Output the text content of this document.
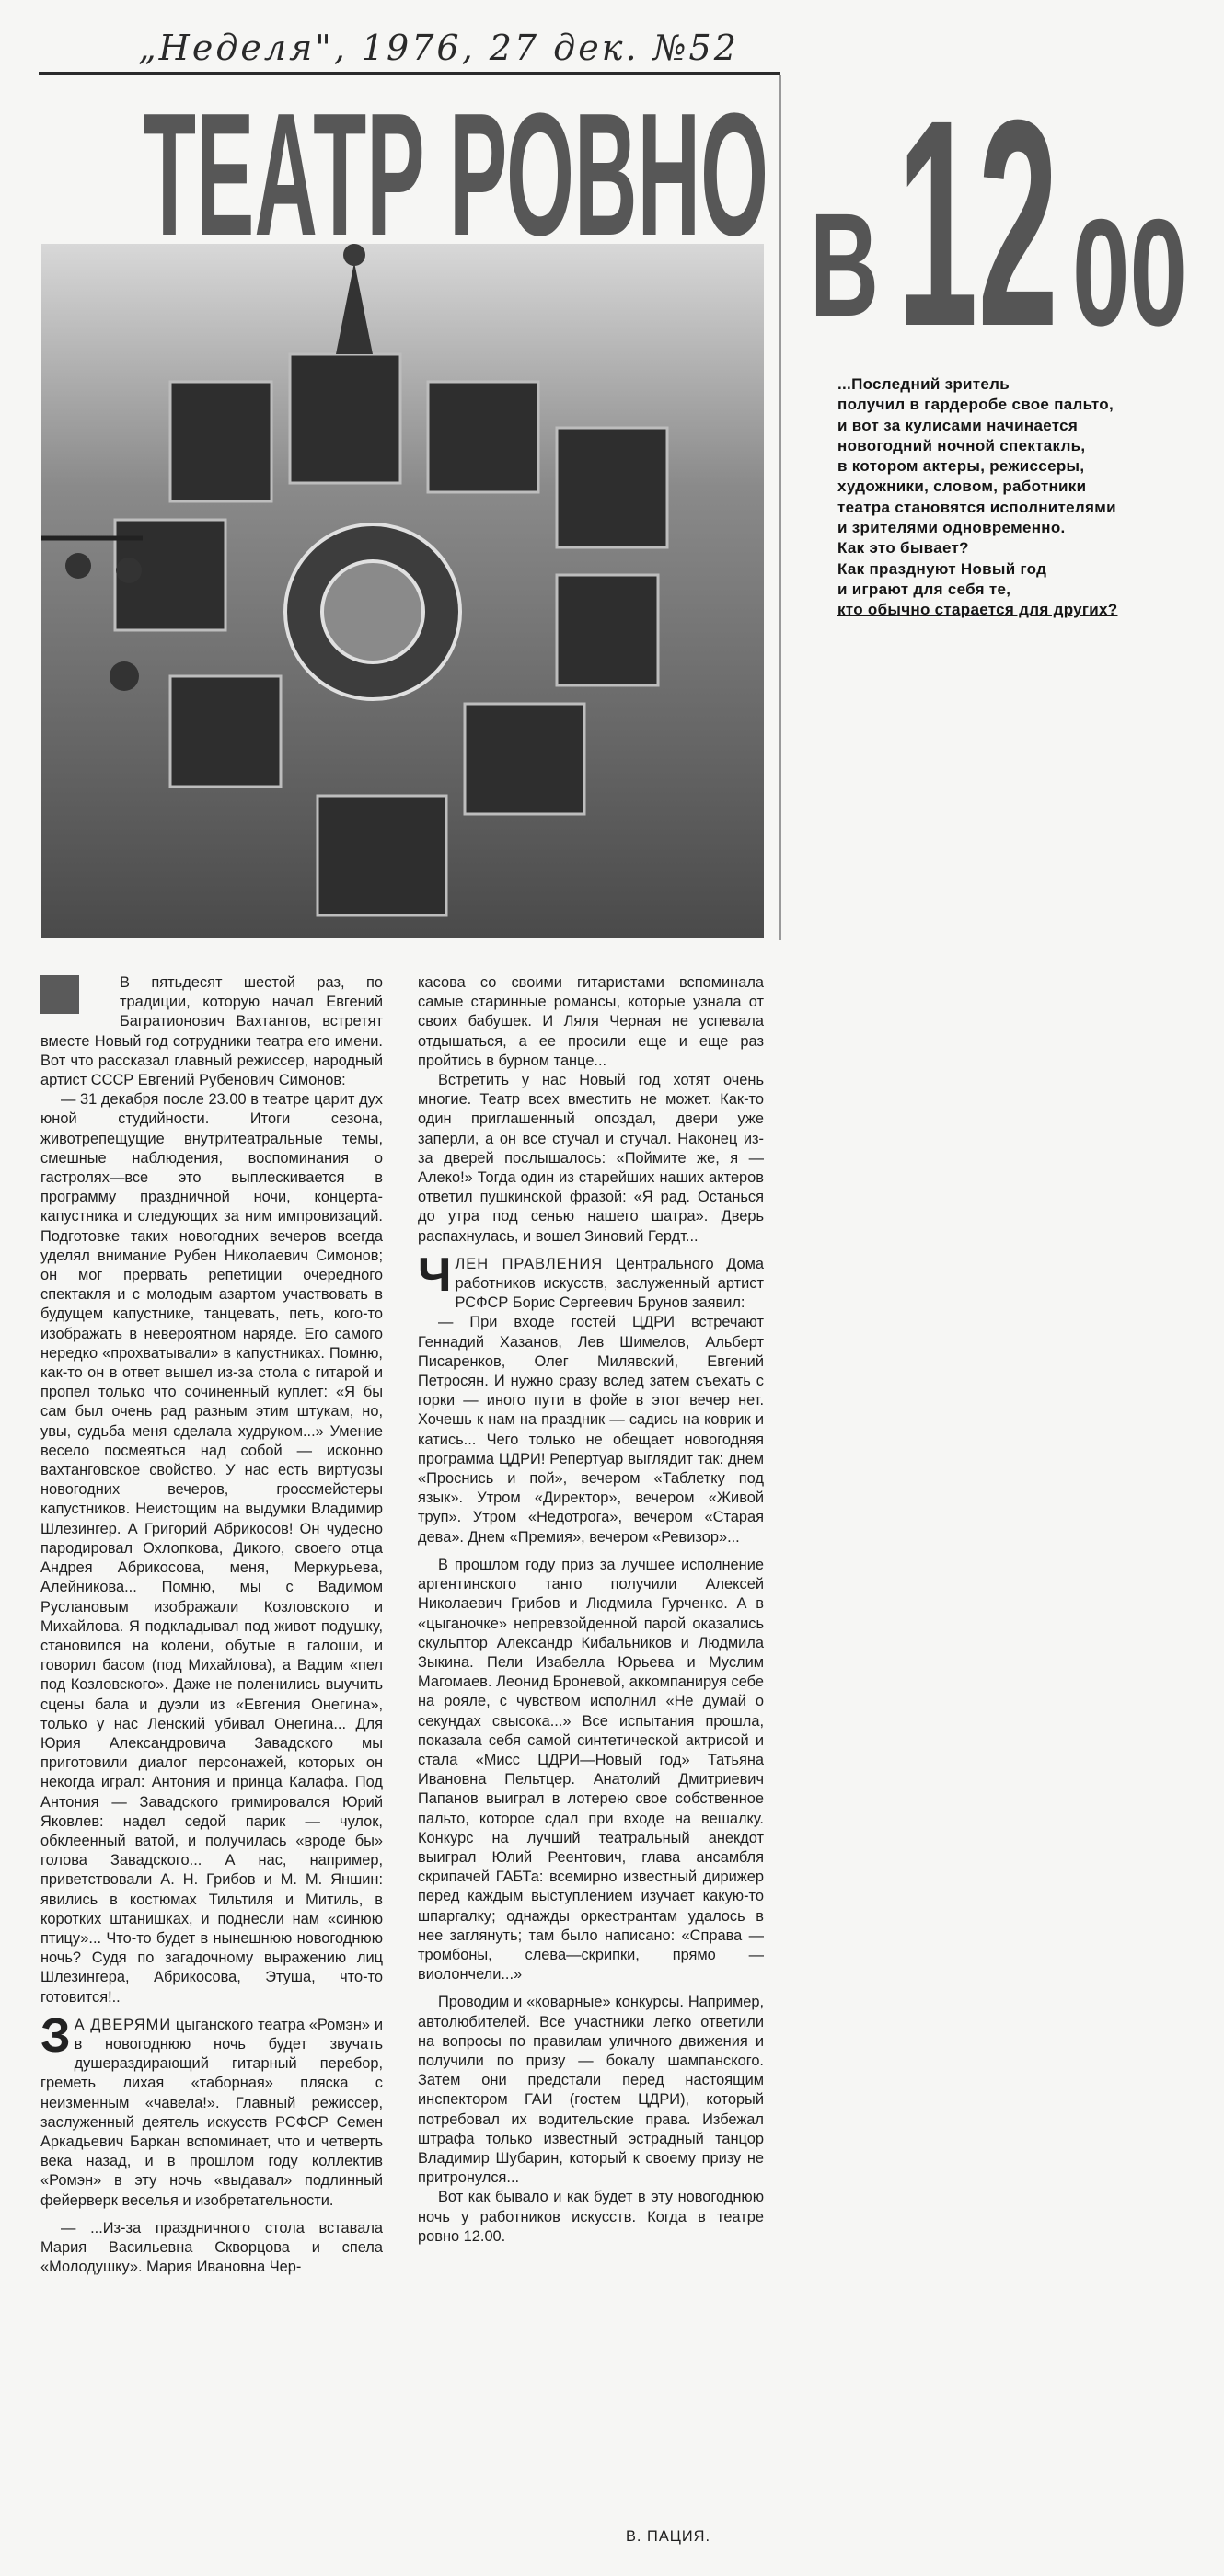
„Неделя", 1976, 27 дек. №52
ТЕАТР РОВНО В 12 00
...Последний зритель
получил в гардеробе свое пальто,
и вот за кулисами начинается
новогодний ночной спектакль,
в котором актеры, режиссеры,
художники, словом, работники
театра становятся исполнителями
и зрителями одновременно.
Как это бывает?
Как празднуют Новый год
и играют для себя те,
кто обычно старается для других?

В пятьдесят шестой раз, по традиции, которую начал Евгений Багратионович Вахтангов, встретят вместе Новый год сотрудники театра его имени. Вот что рассказал главный режиссер, народный артист СССР Евгений Рубенович Симонов:

— 31 декабря после 23.00 в театре царит дух юной студийности. Итоги сезона, животрепещущие внутритеатральные темы, смешные наблюдения, воспоминания о гастролях—все это выплескивается в программу праздничной ночи, концерта-капустника и следующих за ним импровизаций. Подготовке таких новогодних вечеров всегда уделял внимание Рубен Николаевич Симонов; он мог прервать репетиции очередного спектакля и с молодым азартом участвовать в будущем капустнике, танцевать, петь, кого-то изображать в невероятном наряде. Его самого нередко «прохватывали» в капустниках. Помню, как-то он в ответ вышел из-за стола с гитарой и пропел только что сочиненный куплет: «Я бы сам был очень рад разным этим штукам, но, увы, судьба меня сделала худруком...» Умение весело посмеяться над собой — исконно вахтанговское свойство. У нас есть виртуозы новогодних вечеров, гроссмейстеры капустников. Неистощим на выдумки Владимир Шлезингер. А Григорий Абрикосов! Он чудесно пародировал Охлопкова, Дикого, своего отца Андрея Абрикосова, меня, Меркурьева, Алейникова... Помню, мы с Вадимом Руслановым изображали Козловского и Михайлова. Я подкладывал под живот подушку, становился на колени, обутые в галоши, и говорил басом (под Михайлова), а Вадим «пел под Козловского». Даже не поленились выучить сцены бала и дуэли из «Евгения Онегина», только у нас Ленский убивал Онегина... Для Юрия Александровича Завадского мы приготовили диалог персонажей, которых он некогда играл: Антония и принца Калафа. Под Антония — Завадского гримировался Юрий Яковлев: надел седой парик — чулок, обклеенный ватой, и получилась «вроде бы» голова Завадского... А нас, например, приветствовали А. Н. Грибов и М. М. Яншин: явились в костюмах Тильтиля и Митиль, в коротких штанишках, и поднесли нам «синюю птицу»... Что-то будет в нынешнюю новогоднюю ночь? Судя по загадочному выражению лиц Шлезингера, Абрикосова, Этуша, что-то готовится!..

З А ДВЕРЯМИ цыганского театра «Ромэн» и в новогоднюю ночь будет звучать душераздирающий гитарный перебор, греметь лихая «таборная» пляска с неизменным «чавела!». Главный режиссер, заслуженный деятель искусств РСФСР Семен Аркадьевич Баркан вспоминает, что и четверть века назад, и в прошлом году коллектив «Ромэн» в эту ночь «выдавал» подлинный фейерверк веселья и изобретательности.

— ...Из-за праздничного стола вставала Мария Васильевна Скворцова и спела «Молодушку». Мария Ивановна Чер-

касова со своими гитаристами вспоминала самые старинные романсы, которые узнала от своих бабушек. И Ляля Черная не успевала отдышаться, а ее просили еще и еще раз пройтись в бурном танце...

Встретить у нас Новый год хотят очень многие. Театр всех вместить не может. Как-то один приглашенный опоздал, двери уже заперли, а он все стучал и стучал. Наконец из-за дверей послышалось: «Поймите же, я — Алеко!» Тогда один из старейших наших актеров ответил пушкинской фразой: «Я рад. Останься до утра под сенью нашего шатра». Дверь распахнулась, и вошел Зиновий Гердт...

ЧЛЕН ПРАВЛЕНИЯ Центрального Дома работников искусств, заслуженный артист РСФСР Борис Сергеевич Брунов заявил:

— При входе гостей ЦДРИ встречают Геннадий Хазанов, Лев Шимелов, Альберт Писаренков, Олег Милявский, Евгений Петросян. И нужно сразу вслед затем съехать с горки — иного пути в фойе в этот вечер нет. Хочешь к нам на праздник — садись на коврик и катись... Чего только не обещает новогодняя программа ЦДРИ! Репертуар выглядит так: днем «Проснись и пой», вечером «Таблетку под язык». Утром «Директор», вечером «Живой труп». Утром «Недотрога», вечером «Старая дева». Днем «Премия», вечером «Ревизор»...

В прошлом году приз за лучшее исполнение аргентинского танго получили Алексей Николаевич Грибов и Людмила Гурченко. А в «цыганочке» непревзойденной парой оказались скульптор Александр Кибальников и Людмила Зыкина. Пели Изабелла Юрьева и Муслим Магомаев. Леонид Броневой, аккомпанируя себе на рояле, с чувством исполнил «Не думай о секундах свысока...» Все испытания прошла, показала себя самой синтетической актрисой и стала «Мисс ЦДРИ—Новый год» Татьяна Ивановна Пельтцер. Анатолий Дмитриевич Папанов выиграл в лотерею свое собственное пальто, которое сдал при входе на вешалку. Конкурс на лучший театральный анекдот выиграл Юлий Реентович, глава ансамбля скрипачей ГАБТа: всемирно известный дирижер перед каждым выступлением изучает какую-то шпаргалку; однажды оркестрантам удалось в нее заглянуть; там было написано: «Справа — тромбоны, слева—скрипки, прямо — виолончели...»

Проводим и «коварные» конкурсы. Например, автолюбителей. Все участники легко ответили на вопросы по правилам уличного движения и получили по призу — бокалу шампанского. Затем они предстали перед настоящим инспектором ГАИ (гостем ЦДРИ), который потребовал их водительские права. Избежал штрафа только известный эстрадный танцор Владимир Шубарин, который к своему призу не притронулся...

Вот как бывало и как будет в эту новогоднюю ночь у работников искусств. Когда в театре ровно 12.00.

В. ПАЦИЯ.
